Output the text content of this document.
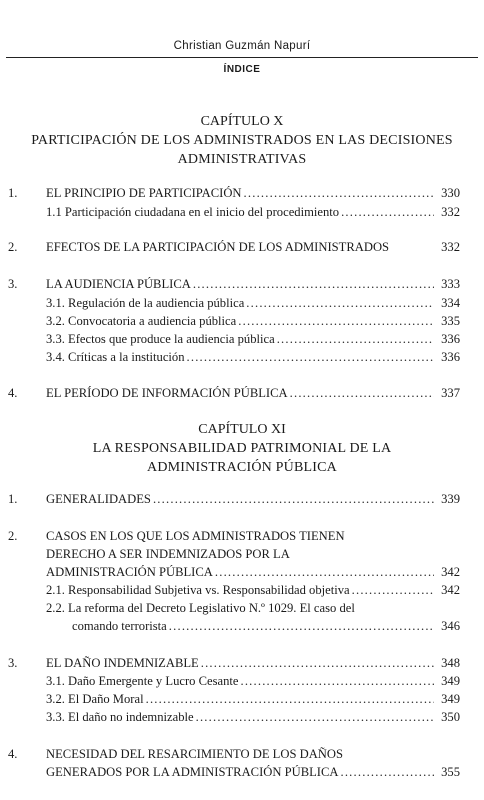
Christian Guzmán Napurí
ÍNDICE
CAPÍTULO X
PARTICIPACIÓN DE LOS ADMINISTRADOS EN LAS DECISIONES
ADMINISTRATIVAS
1. EL PRINCIPIO DE PARTICIPACIÓN .....	330
1.1 Participación ciudadana en el inicio del procedimiento .....	332
2. EFECTOS DE LA PARTICIPACIÓN DE LOS ADMINISTRADOS	332
3. LA AUDIENCIA PÚBLICA .....	333
3.1. Regulación de la audiencia pública .....	334
3.2. Convocatoria a audiencia pública .....	335
3.3. Efectos que produce la audiencia pública .....	336
3.4. Críticas a la institución .....	336
4. EL PERÍODO DE INFORMACIÓN PÚBLICA .....	337
CAPÍTULO XI
LA RESPONSABILIDAD PATRIMONIAL DE LA
ADMINISTRACIÓN PÚBLICA
1. GENERALIDADES .....	339
2. CASOS EN LOS QUE LOS ADMINISTRADOS TIENEN
DERECHO A SER INDEMNIZADOS POR LA
ADMINISTRACIÓN PÚBLICA .....	342
2.1. Responsabilidad Subjetiva vs. Responsabilidad objetiva .....	342
2.2. La reforma del Decreto Legislativo N.º 1029. El caso del
comando terrorista .....	346
3. EL DAÑO INDEMNIZABLE .....	348
3.1. Daño Emergente y Lucro Cesante .....	349
3.2. El Daño Moral .....	349
3.3. El daño no indemnizable .....	350
4. NECESIDAD DEL RESARCIMIENTO DE LOS DAÑOS
GENERADOS POR LA ADMINISTRACIÓN PÚBLICA .....	355
